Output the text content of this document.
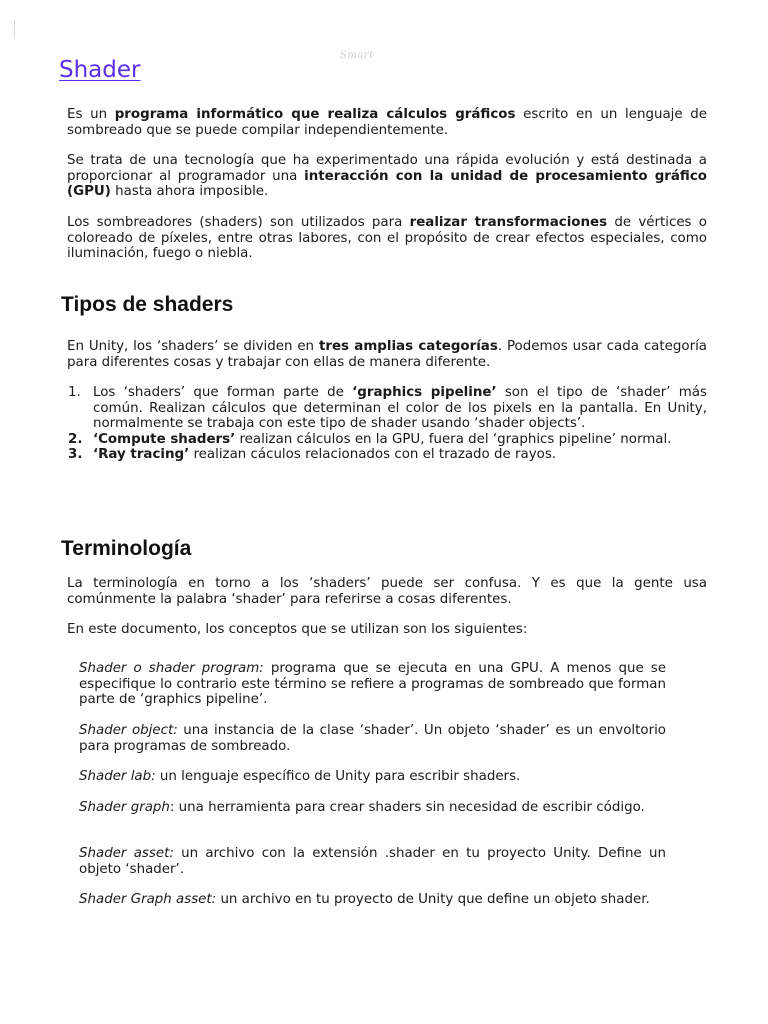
Smart
Shader

Es un programa informático que realiza cálculos gráficos escrito en un lenguaje de sombreado que se puede compilar independientemente.

Se trata de una tecnología que ha experimentado una rápida evolución y está destinada a proporcionar al programador una interacción con la unidad de procesamiento gráfico (GPU) hasta ahora imposible.

Los sombreadores (shaders) son utilizados para realizar transformaciones de vértices o coloreado de píxeles, entre otras labores, con el propósito de crear efectos especiales, como iluminación, fuego o niebla.

Tipos de shaders

En Unity, los ‘shaders’ se dividen en tres amplias categorías. Podemos usar cada categoría para diferentes cosas y trabajar con ellas de manera diferente.

1. Los ‘shaders’ que forman parte de ‘graphics pipeline’ son el tipo de ‘shader’ más común. Realizan cálculos que determinan el color de los pixels en la pantalla. En Unity, normalmente se trabaja con este tipo de shader usando ‘shader objects’.
2. ‘Compute shaders’ realizan cálculos en la GPU, fuera del ‘graphics pipeline’ normal.
3. ‘Ray tracing’ realizan cáculos relacionados con el trazado de rayos.
Terminología

La terminología en torno a los ‘shaders’ puede ser confusa. Y es que la gente usa comúnmente la palabra ‘shader’ para referirse a cosas diferentes.

En este documento, los conceptos que se utilizan son los siguientes:

Shader o shader program: programa que se ejecuta en una GPU. A menos que se especifique lo contrario este término se refiere a programas de sombreado que forman parte de ‘graphics pipeline’.

Shader object: una instancia de la clase ‘shader’. Un objeto ‘shader’ es un envoltorio para programas de sombreado.

Shader lab: un lenguaje específico de Unity para escribir shaders.

Shader graph: una herramienta para crear shaders sin necesidad de escribir código.

Shader asset: un archivo con la extensión .shader en tu proyecto Unity. Define un objeto ‘shader’.

Shader Graph asset: un archivo en tu proyecto de Unity que define un objeto shader.
